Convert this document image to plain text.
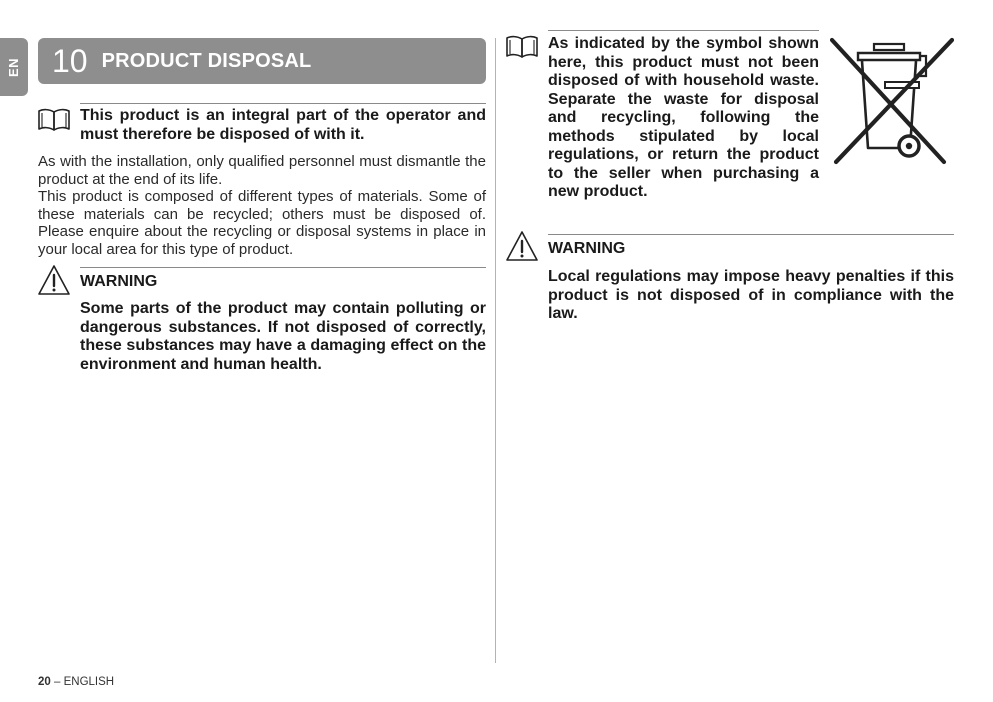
EN 10 PRODUCT DISPOSAL
This product is an integral part of the operator and must therefore be disposed of with it.

As with the installation, only qualified personnel must dismantle the product at the end of its life.

This product is composed of different types of materials. Some of these materials can be recycled; others must be disposed of. Please enquire about the recycling or disposal systems in place in your local area for this type of product.

WARNING
Some parts of the product may contain polluting or dangerous substances. If not disposed of correctly, these substances may have a damaging effect on the environment and human health.
As indicated by the symbol shown here, this product must not been disposed of with household waste. Separate the waste for disposal and recycling, following the methods stipulated by local regulations, or return the product to the seller when purchasing a new product.
WARNING
Local regulations may impose heavy penalties if this product is not disposed of in compliance with the law.
20 – ENGLISH
